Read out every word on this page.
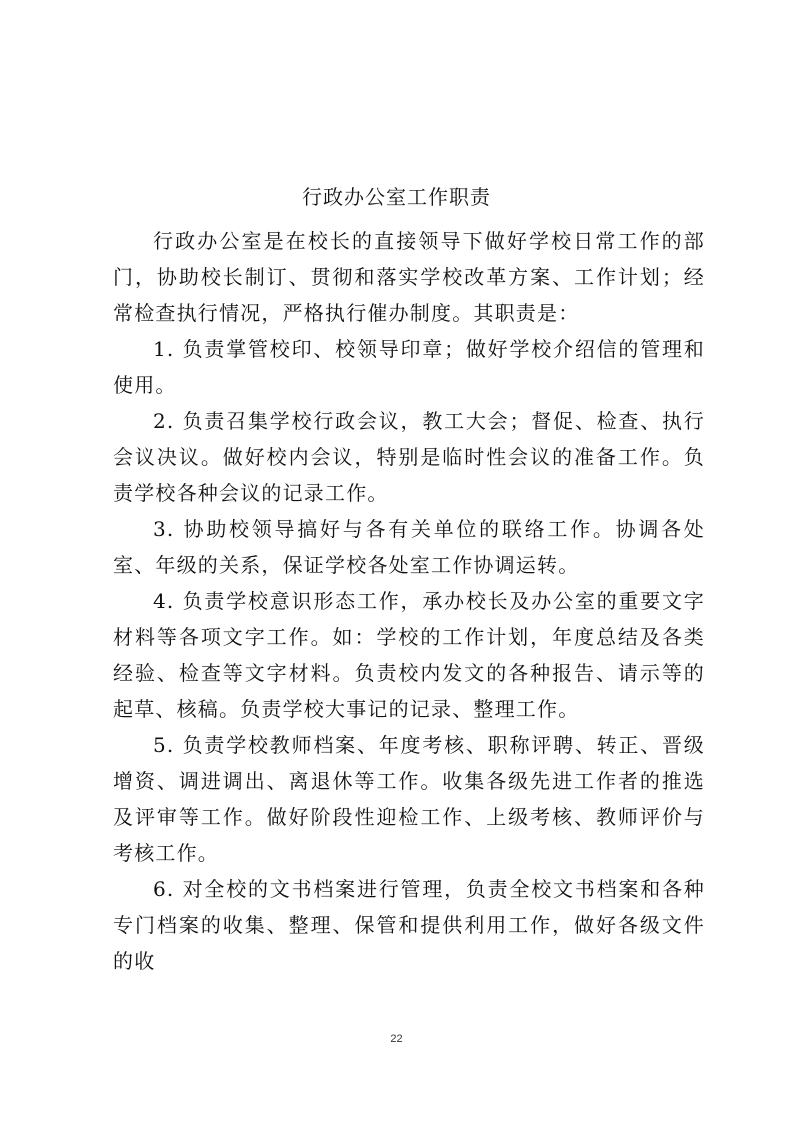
行政办公室工作职责

行政办公室是在校长的直接领导下做好学校日常工作的部门，协助校长制订、贯彻和落实学校改革方案、工作计划；经常检查执行情况，严格执行催办制度。其职责是：

1. 负责掌管校印、校领导印章；做好学校介绍信的管理和使用。

2. 负责召集学校行政会议，教工大会；督促、检查、执行会议决议。做好校内会议，特别是临时性会议的准备工作。负责学校各种会议的记录工作。

3. 协助校领导搞好与各有关单位的联络工作。协调各处室、年级的关系，保证学校各处室工作协调运转。

4. 负责学校意识形态工作，承办校长及办公室的重要文字材料等各项文字工作。如：学校的工作计划，年度总结及各类经验、检查等文字材料。负责校内发文的各种报告、请示等的起草、核稿。负责学校大事记的记录、整理工作。

5. 负责学校教师档案、年度考核、职称评聘、转正、晋级增资、调进调出、离退休等工作。收集各级先进工作者的推选及评审等工作。做好阶段性迎检工作、上级考核、教师评价与考核工作。

6. 对全校的文书档案进行管理，负责全校文书档案和各种专门档案的收集、整理、保管和提供利用工作，做好各级文件的收

22
